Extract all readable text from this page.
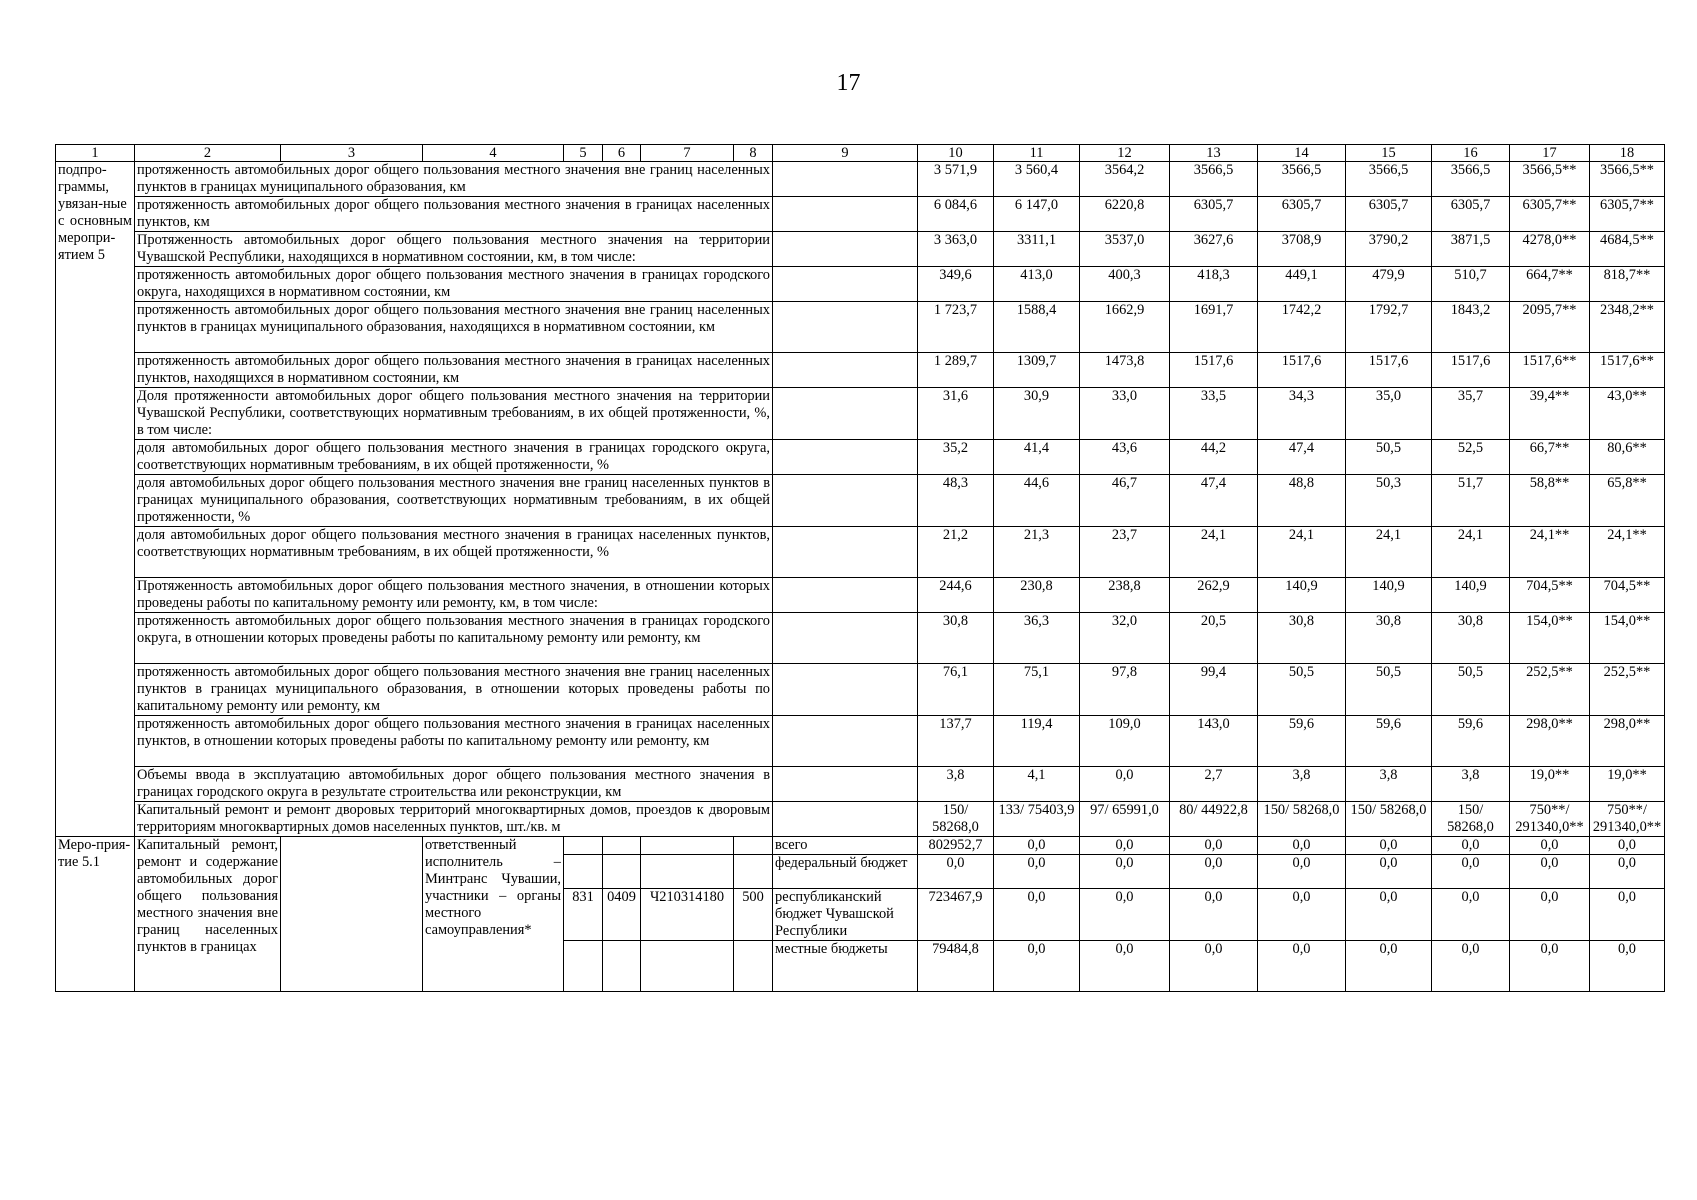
17
1	2	3	4	5	6	7	8	9	10	11	12	13	14	15	16	17	18
подпро-граммы, увязан-ные с основным меропри-ятием 5	протяженность автомобильных дорог общего пользования местного значения вне границ населенных пунктов в границах муниципального образования, км								3 571,9	3 560,4	3564,2	3566,5	3566,5	3566,5	3566,5	3566,5**	3566,5**
	протяженность автомобильных дорог общего пользования местного значения в границах населенных пунктов, км								6 084,6	6 147,0	6220,8	6305,7	6305,7	6305,7	6305,7	6305,7**	6305,7**
	Протяженность автомобильных дорог общего пользования местного значения на территории Чувашской Республики, находящихся в нормативном состоянии, км, в том числе:								3 363,0	3311,1	3537,0	3627,6	3708,9	3790,2	3871,5	4278,0**	4684,5**
	протяженность автомобильных дорог общего пользования местного значения в границах городского округа, находящихся в нормативном состоянии, км								349,6	413,0	400,3	418,3	449,1	479,9	510,7	664,7**	818,7**
	протяженность автомобильных дорог общего пользования местного значения вне границ населенных пунктов в границах муниципального образования, находящихся в нормативном состоянии, км								1 723,7	1588,4	1662,9	1691,7	1742,2	1792,7	1843,2	2095,7**	2348,2**
	протяженность автомобильных дорог общего пользования местного значения в границах населенных пунктов, находящихся в нормативном состоянии, км								1 289,7	1309,7	1473,8	1517,6	1517,6	1517,6	1517,6	1517,6**	1517,6**
	Доля протяженности автомобильных дорог общего пользования местного значения на территории Чувашской Республики, соответствующих нормативным требованиям, в их общей протяженности, %, в том числе:								31,6	30,9	33,0	33,5	34,3	35,0	35,7	39,4**	43,0**
	доля автомобильных дорог общего пользования местного значения в границах городского округа, соответствующих нормативным требованиям, в их общей протяженности, %								35,2	41,4	43,6	44,2	47,4	50,5	52,5	66,7**	80,6**
	доля автомобильных дорог общего пользования местного значения вне границ населенных пунктов в границах муниципального образования, соответствующих нормативным требованиям, в их общей протяженности, %								48,3	44,6	46,7	47,4	48,8	50,3	51,7	58,8**	65,8**
	доля автомобильных дорог общего пользования местного значения в границах населенных пунктов, соответствующих нормативным требованиям, в их общей протяженности, %								21,2	21,3	23,7	24,1	24,1	24,1	24,1	24,1**	24,1**
	Протяженность автомобильных дорог общего пользования местного значения, в отношении которых проведены работы по капитальному ремонту или ремонту, км, в том числе:								244,6	230,8	238,8	262,9	140,9	140,9	140,9	704,5**	704,5**
	протяженность автомобильных дорог общего пользования местного значения в границах городского округа, в отношении которых проведены работы по капитальному ремонту или ремонту, км								30,8	36,3	32,0	20,5	30,8	30,8	30,8	154,0**	154,0**
	протяженность автомобильных дорог общего пользования местного значения вне границ населенных пунктов в границах муниципального образования, в отношении которых проведены работы по капитальному ремонту или ремонту, км								76,1	75,1	97,8	99,4	50,5	50,5	50,5	252,5**	252,5**
	протяженность автомобильных дорог общего пользования местного значения в границах населенных пунктов, в отношении которых проведены работы по капитальному ремонту или ремонту, км								137,7	119,4	109,0	143,0	59,6	59,6	59,6	298,0**	298,0**
	Объемы ввода в эксплуатацию автомобильных дорог общего пользования местного значения в границах городского округа в результате строительства или реконструкции, км								3,8	4,1	0,0	2,7	3,8	3,8	3,8	19,0**	19,0**
	Капитальный ремонт и ремонт дворовых территорий многоквартирных домов, проездов к дворовым территориям многоквартирных домов населенных пунктов, шт./кв. м								150/ 58268,0	133/ 75403,9	97/ 65991,0	80/ 44922,8	150/ 58268,0	150/ 58268,0	150/ 58268,0	750**/ 291340,0**	750**/ 291340,0**
Меро-прия-тие 5.1	Капитальный ремонт, ремонт и содержание автомобильных дорог общего пользования местного значения вне границ населенных пунктов в границах		ответственный исполнитель – Минтранс Чувашии, участники – органы местного самоуправления*					всего	802952,7	0,0	0,0	0,0	0,0	0,0	0,0	0,0	0,0
								федеральный бюджет	0,0	0,0	0,0	0,0	0,0	0,0	0,0	0,0	0,0
				831	0409	Ч210314180	500	республиканский бюджет Чувашской Республики	723467,9	0,0	0,0	0,0	0,0	0,0	0,0	0,0	0,0
								местные бюджеты	79484,8	0,0	0,0	0,0	0,0	0,0	0,0	0,0	0,0
